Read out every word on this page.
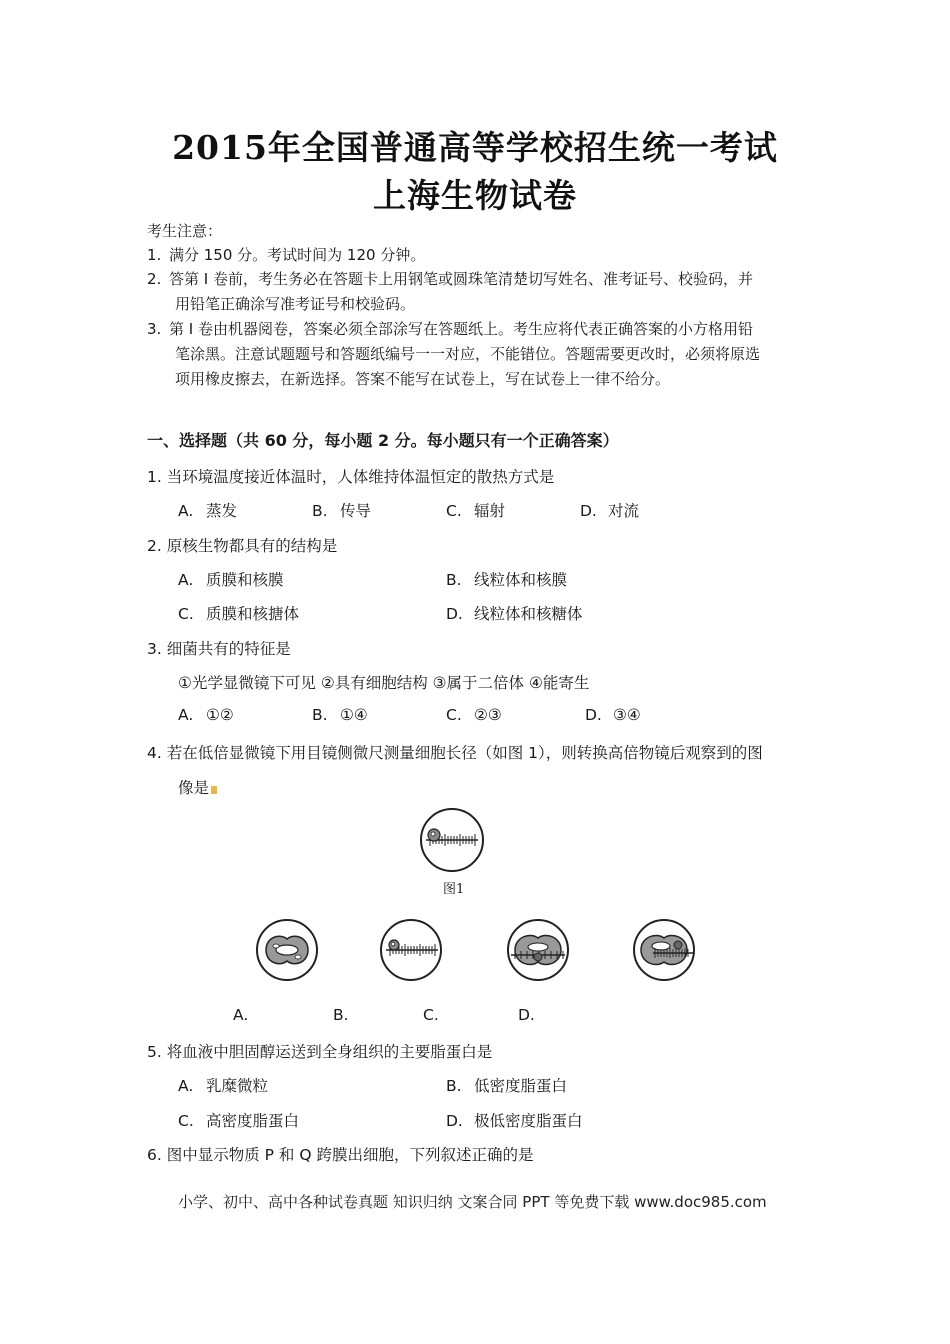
2015年全国普通高等学校招生统一考试
上海生物试卷
考生注意：
1. 满分 150 分。考试时间为 120 分钟。
2. 答第 Ⅰ 卷前，考生务必在答题卡上用钢笔或圆珠笔清楚切写姓名、准考证号、校验码，并
用铅笔正确涂写准考证号和校验码。
3. 第 Ⅰ 卷由机器阅卷，答案必须全部涂写在答题纸上。考生应将代表正确答案的小方格用铅
笔涂黑。注意试题题号和答题纸编号一一对应，不能错位。答题需要更改时，必须将原选
项用橡皮擦去，在新选择。答案不能写在试卷上，写在试卷上一律不给分。
一、选择题（共 60 分，每小题 2 分。每小题只有一个正确答案）
1. 当环境温度接近体温时，人体维持体温恒定的散热方式是
A. 蒸发	B. 传导	C. 辐射	D. 对流
2. 原核生物都具有的结构是
A. 质膜和核膜	B. 线粒体和核膜
C. 质膜和核搪体	D. 线粒体和核糖体
3. 细菌共有的特征是
①光学显微镜下可见 ②具有细胞结构 ③属于二倍体 ④能寄生
A. ①②	B. ①④	C. ②③	D. ③④
4. 若在低倍显微镜下用目镜侧微尺测量细胞长径（如图 1），则转换高倍物镜后观察到的图
像是
图1
A.	B.	C.	D.
5. 将血液中胆固醇运送到全身组织的主要脂蛋白是
A. 乳糜微粒	B. 低密度脂蛋白
C. 高密度脂蛋白	D. 极低密度脂蛋白
6. 图中显示物质 P 和 Q 跨膜出细胞，下列叙述正确的是
小学、初中、高中各种试卷真题 知识归纳 文案合同 PPT 等免费下载 www.doc985.com
